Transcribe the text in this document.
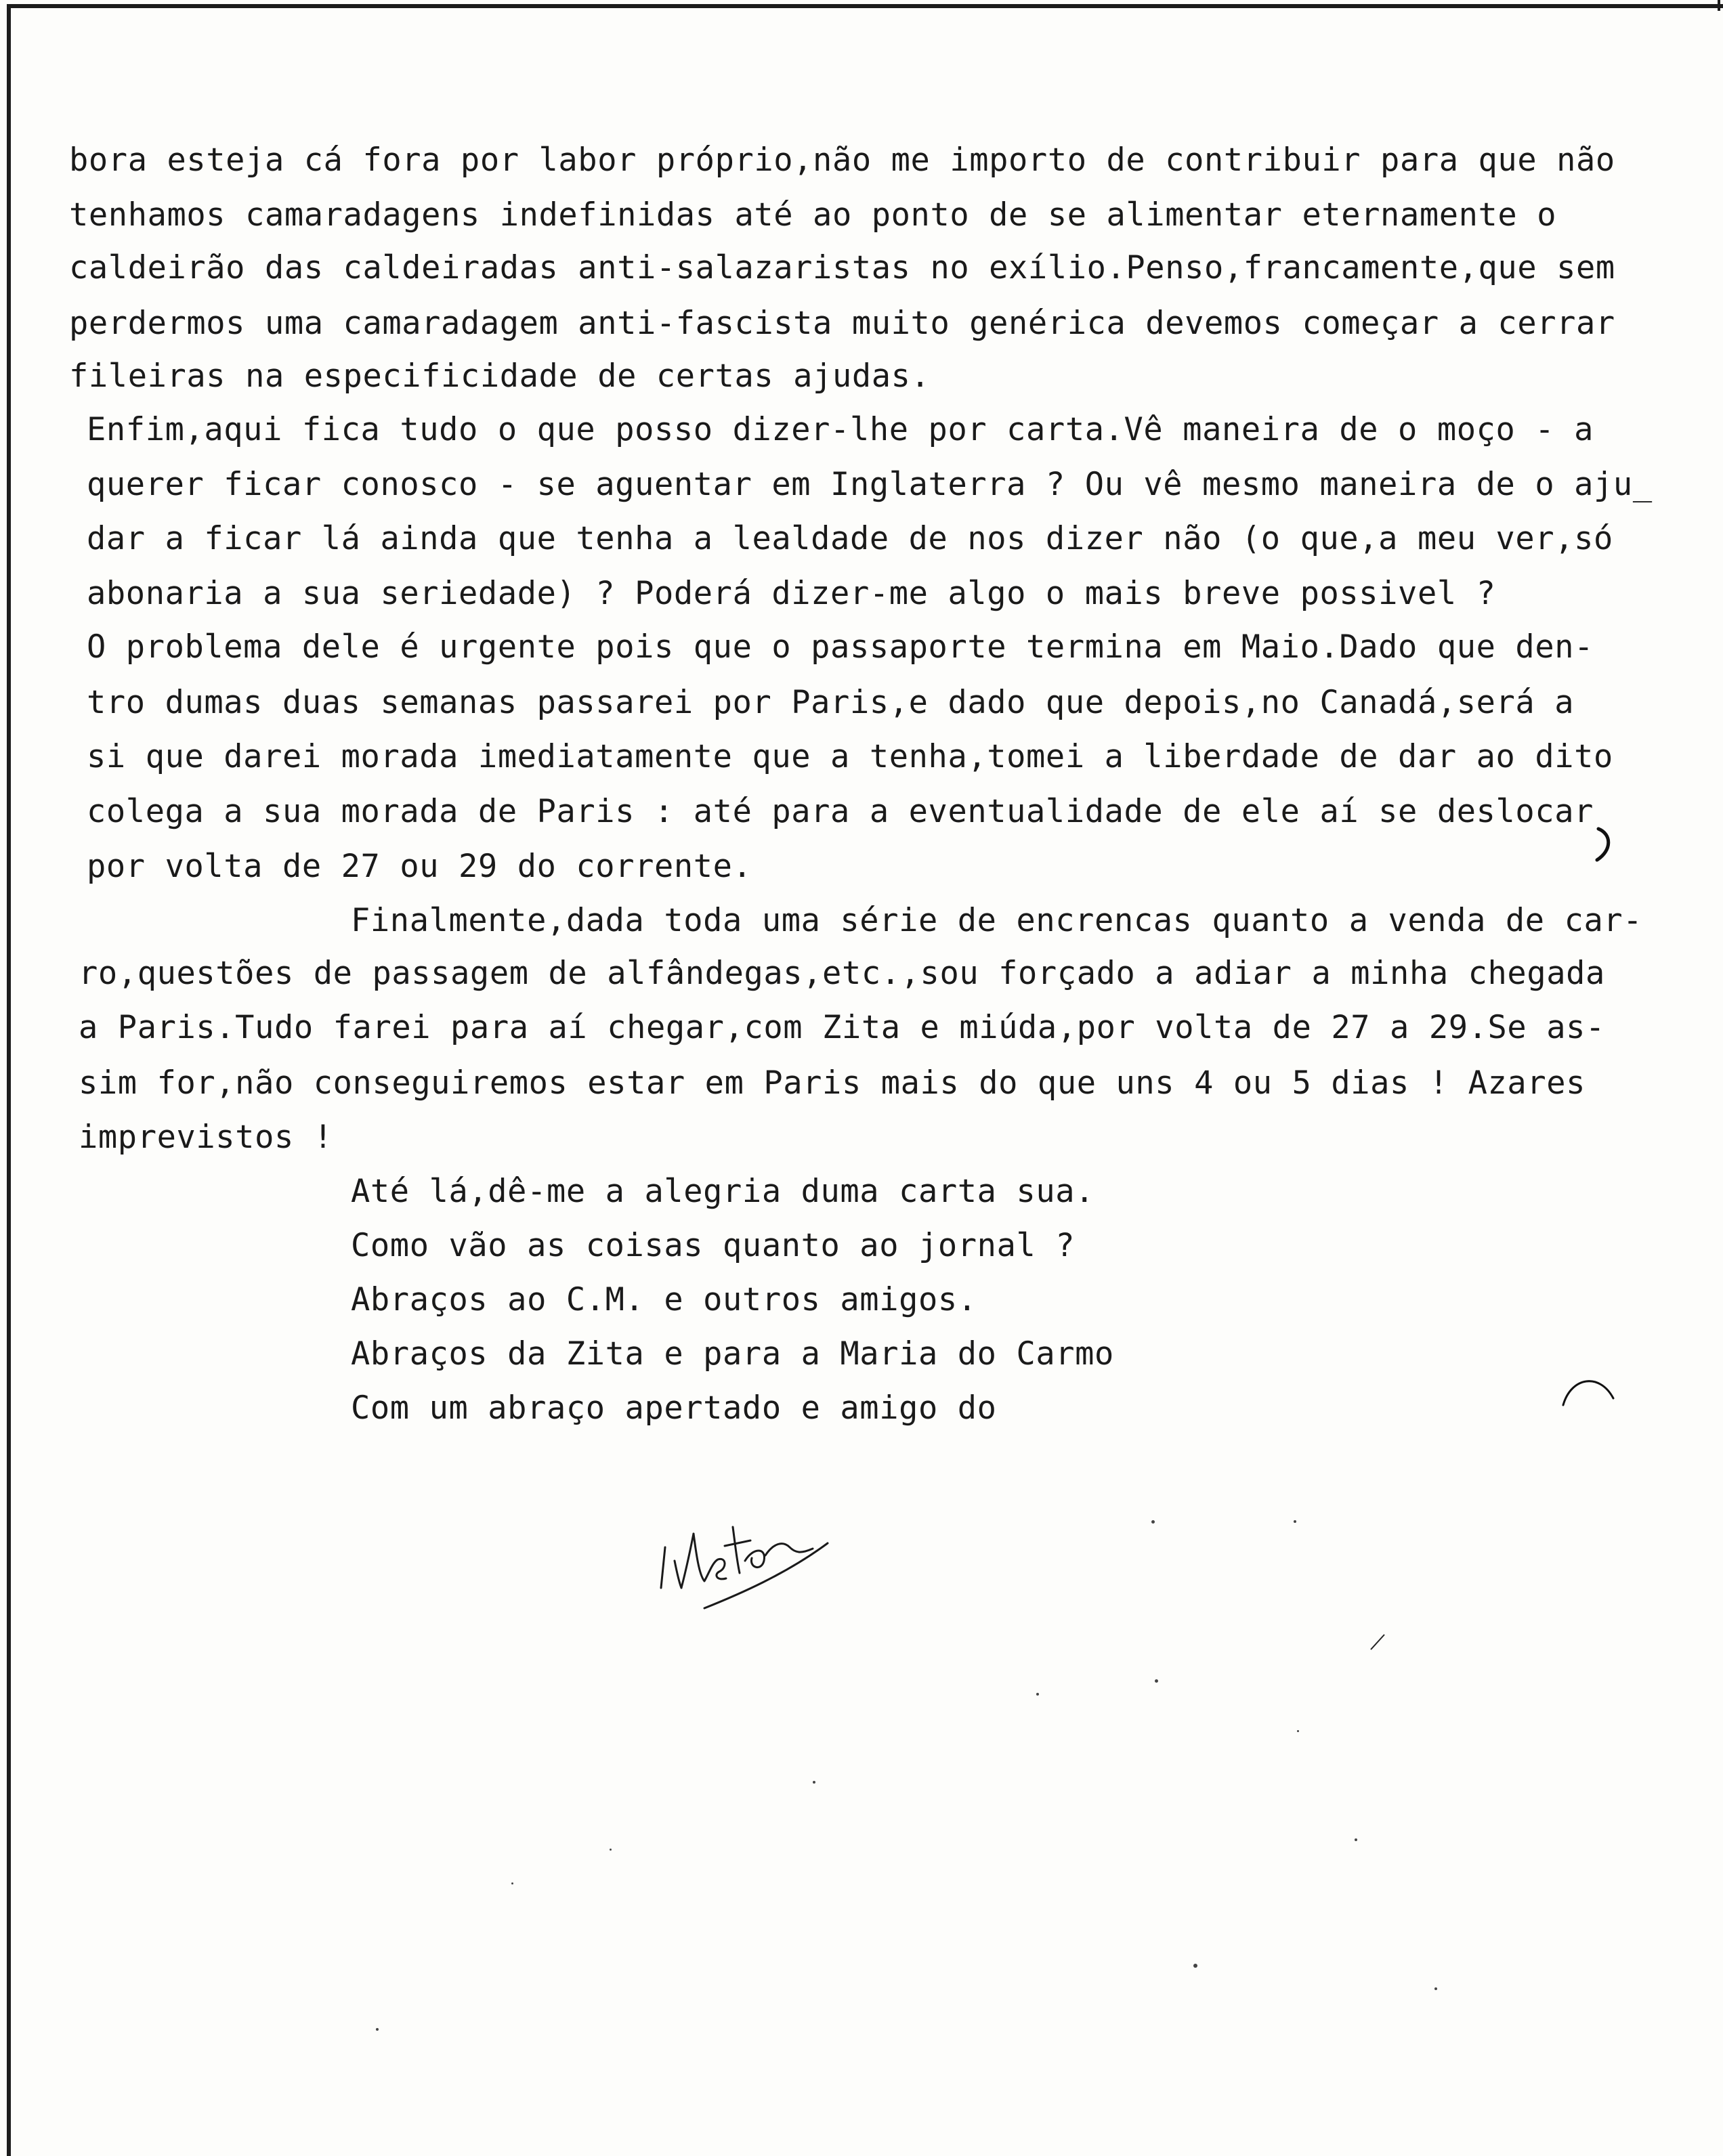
bora esteja cá fora por labor próprio,não me importo de contribuir para que não
tenhamos camaradagens indefinidas até ao ponto de se alimentar eternamente o
caldeirão das caldeiradas anti-salazaristas no exílio.Penso,francamente,que sem
perdermos uma camaradagem anti-fascista muito genérica devemos começar a cerrar
fileiras na especificidade de certas ajudas.
Enfim,aqui fica tudo o que posso dizer-lhe por carta.Vê maneira de o moço - a
querer ficar conosco - se aguentar em Inglaterra ? Ou vê mesmo maneira de o aju_
dar a ficar lá ainda que tenha a lealdade de nos dizer não (o que,a meu ver,só
abonaria a sua seriedade) ? Poderá dizer-me algo o mais breve possivel ?
O problema dele é urgente pois que o passaporte termina em Maio.Dado que den-
tro dumas duas semanas passarei por Paris,e dado que depois,no Canadá,será a
si que darei morada imediatamente que a tenha,tomei a liberdade de dar ao dito
colega a sua morada de Paris : até para a eventualidade de ele aí se deslocar
por volta de 27 ou 29 do corrente.
Finalmente,dada toda uma série de encrencas quanto a venda de car-
ro,questões de passagem de alfândegas,etc.,sou forçado a adiar a minha chegada
a Paris.Tudo farei para aí chegar,com Zita e miúda,por volta de 27 a 29.Se as-
sim for,não conseguiremos estar em Paris mais do que uns 4 ou 5 dias ! Azares
imprevistos !
Até lá,dê-me a alegria duma carta sua.
Como vão as coisas quanto ao jornal ?
Abraços ao C.M. e outros amigos.
Abraços da Zita e para a Maria do Carmo
Com um abraço apertado e amigo do
